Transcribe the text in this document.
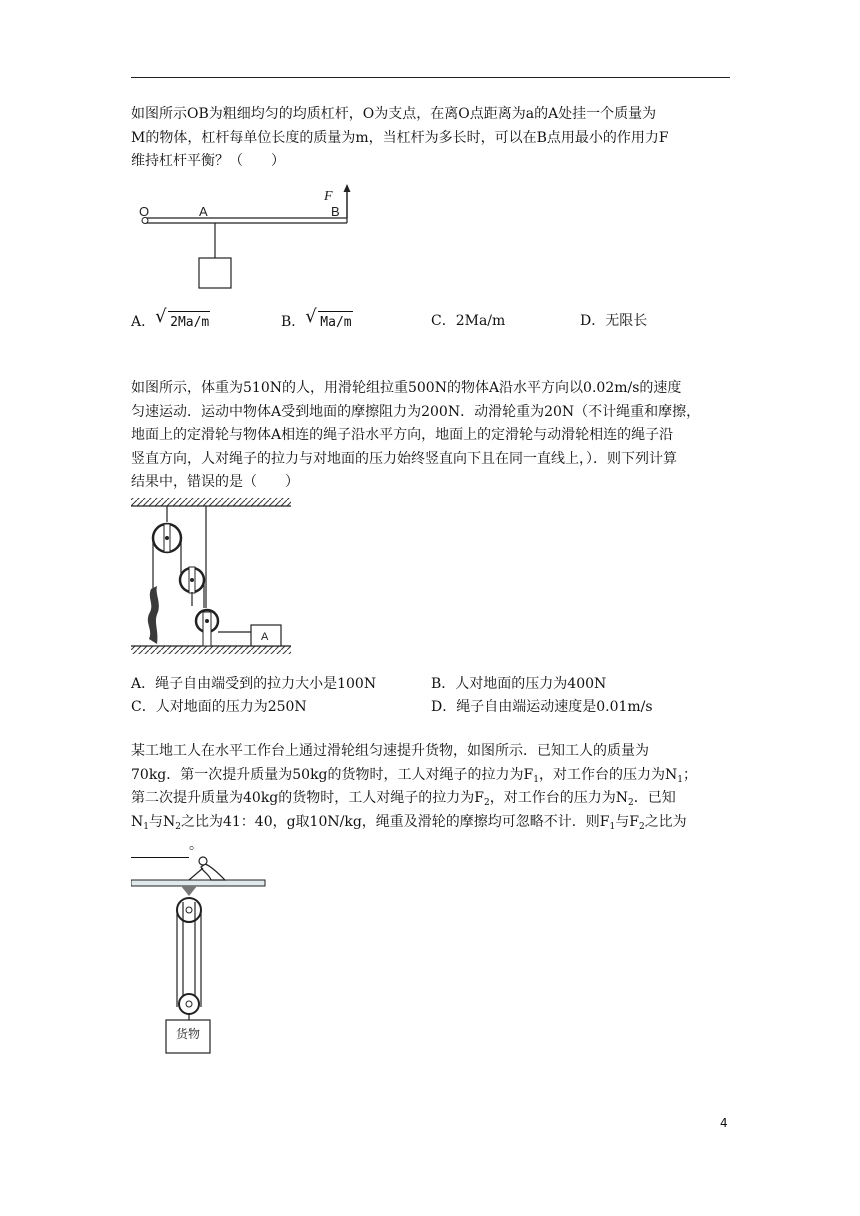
如图所示OB为粗细均匀的均质杠杆，O为支点，在离O点距离为a的A处挂一个质量为
M的物体，杠杆每单位长度的质量为m，当杠杆为多长时，可以在B点用最小的作用力F
维持杠杆平衡？（　　）
O	A	B
F
A． √ 2Ma/m	B． √ Ma/m	C．2Ma/m	D．无限长
如图所示，体重为510N的人，用滑轮组拉重500N的物体A沿水平方向以0.02m/s的速度
匀速运动．运动中物体A受到地面的摩擦阻力为200N．动滑轮重为20N（不计绳重和摩擦，
地面上的定滑轮与物体A相连的绳子沿水平方向，地面上的定滑轮与动滑轮相连的绳子沿
竖直方向，人对绳子的拉力与对地面的压力始终竖直向下且在同一直线上，）．则下列计算
结果中，错误的是（　　）
A
A．绳子自由端受到的拉力大小是100N	B．人对地面的压力为400N
C．人对地面的压力为250N	D．绳子自由端运动速度是0.01m/s
某工地工人在水平工作台上通过滑轮组匀速提升货物，如图所示．已知工人的质量为
70kg．第一次提升质量为50kg的货物时，工人对绳子的拉力为$F_1$，对工作台的压力为$N_1$；
第二次提升质量为40kg的货物时，工人对绳子的拉力为$F_2$，对工作台的压力为$N_2$．已知
$N_1$与$N_2$之比为41：40，g取10N/kg，绳重及滑轮的摩擦均可忽略不计．则$F_1$与$F_2$之比为
。
货物
4
